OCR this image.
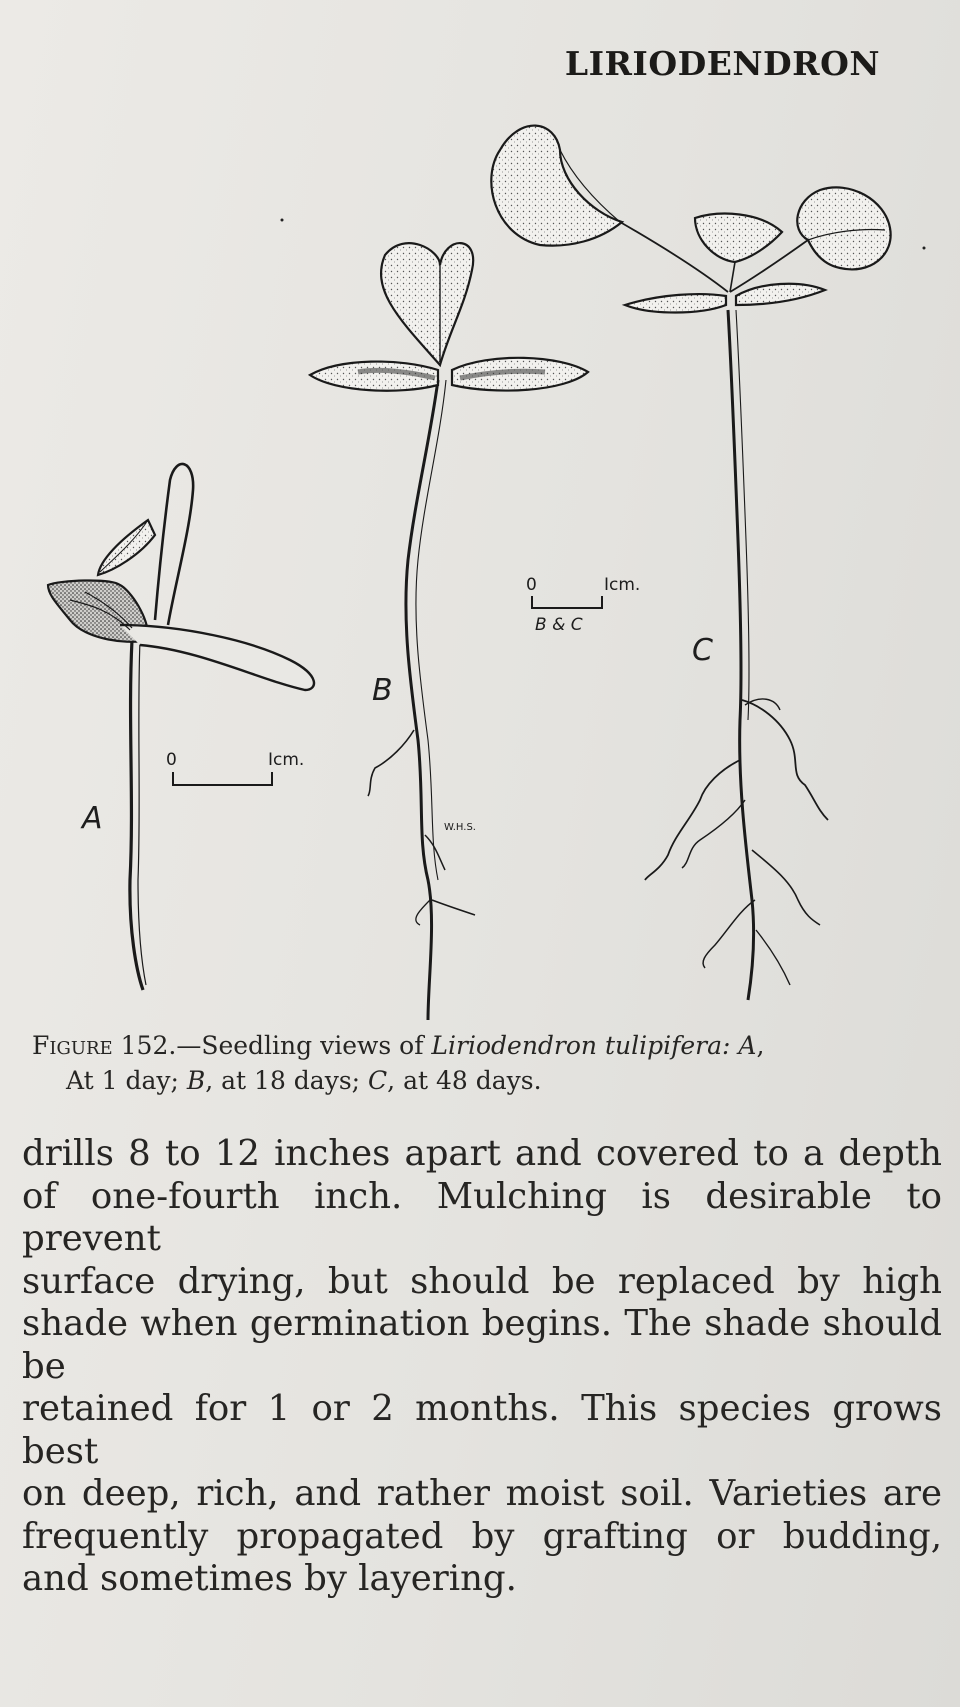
LIRIODENDRON
A
0	Icm.
B
W.H.S.
0	Icm.
B & C
C
Figure 152.—Seedling views of Liriodendron tulipifera: A,
At 1 day; B, at 18 days; C, at 48 days.
drills 8 to 12 inches apart and covered to a depth
of one-fourth inch. Mulching is desirable to prevent
surface drying, but should be replaced by high
shade when germination begins. The shade should be
retained for 1 or 2 months. This species grows best
on deep, rich, and rather moist soil. Varieties are
frequently propagated by grafting or budding,
and sometimes by layering.
